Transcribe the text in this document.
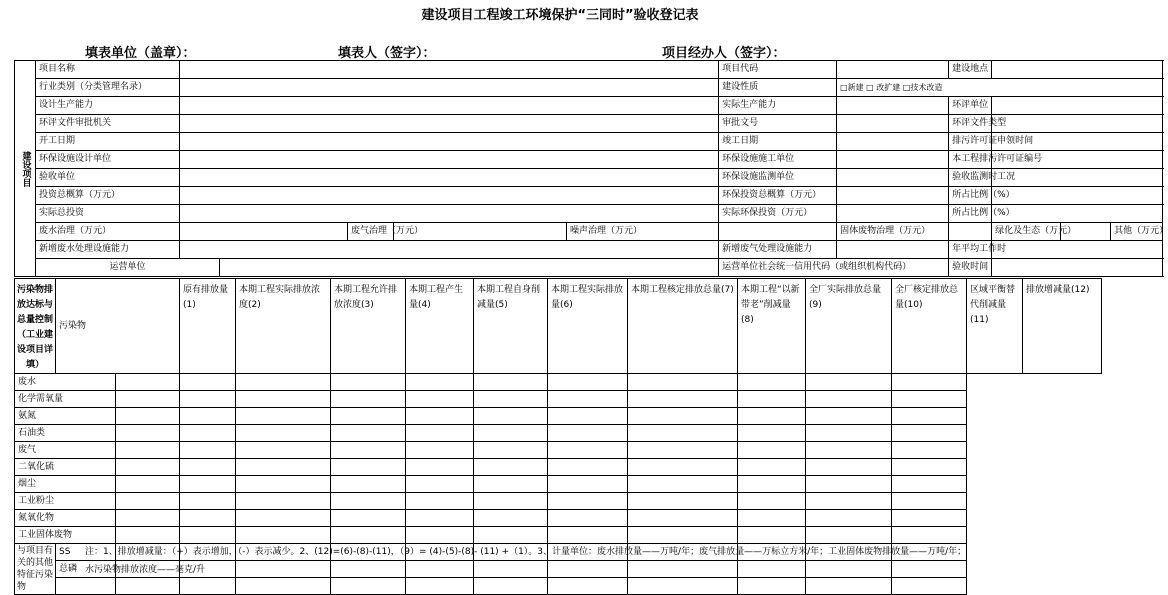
建设项目工程竣工环境保护“三同时”验收登记表
填表单位（盖章）：	填表人（签字）：	项目经办人（签字）：
建设项目	项目名称						项目代码		建设地点				
	行业类别（分类管理名录）						建设性质	□新建 □ 改扩建 □技术改造					
	设计生产能力						实际生产能力		环评单位				
	环评文件审批机关						审批文号		环评文件类型				
	开工日期						竣工日期		排污许可证申领时间				
	环保设施设计单位						环保设施施工单位		本工程排污许可证编号				
	验收单位						环保设施监测单位		验收监测时工况				
	投资总概算（万元）						环保投资总概算（万元）		所占比例（%）				
	实际总投资						实际环保投资（万元）		所占比例（%）				
	废水治理（万元）			废气治理（万元）		噪声治理（万元）		固体废物治理（万元）		绿化及生态（万元）		其他（万元）	
	新增废水处理设施能力						新增废气处理设施能力		年平均工作时				
	运营单位						运营单位社会统一信用代码（或组织机构代码）		验收时间				
污染物排放达标与总量控制（工业建设项目详填）	污染物		原有排放量(1)	本期工程实际排放浓度(2)	本期工程允许排放浓度(3)	本期工程产生量(4)	本期工程自身削减量(5)	本期工程实际排放量(6)	本期工程核定排放总量(7)	本期工程“以新带老”削减量(8)	全厂实际排放总量(9)	全厂核定排放总量(10)	区域平衡替代削减量(11)	排放增减量(12)
废水														
化学需氧量														
氨氮														
石油类														
废气														
二氧化硫														
烟尘														
工业粉尘														
氮氧化物														
工业固体废物														
与项目有关的其他特征污染物	SS													
	总磷													

注：1、排放增减量：（+）表示增加，（-）表示减少。2、(12)=(6)-(8)-(11)，（9）= (4)-(5)-(8)- (11) +（1）。3、计量单位：废水排放量——万吨/年；废气排放量——万标立方米/年；工业固体废物排放量——万吨/年；
水污染物排放浓度——毫克/升
